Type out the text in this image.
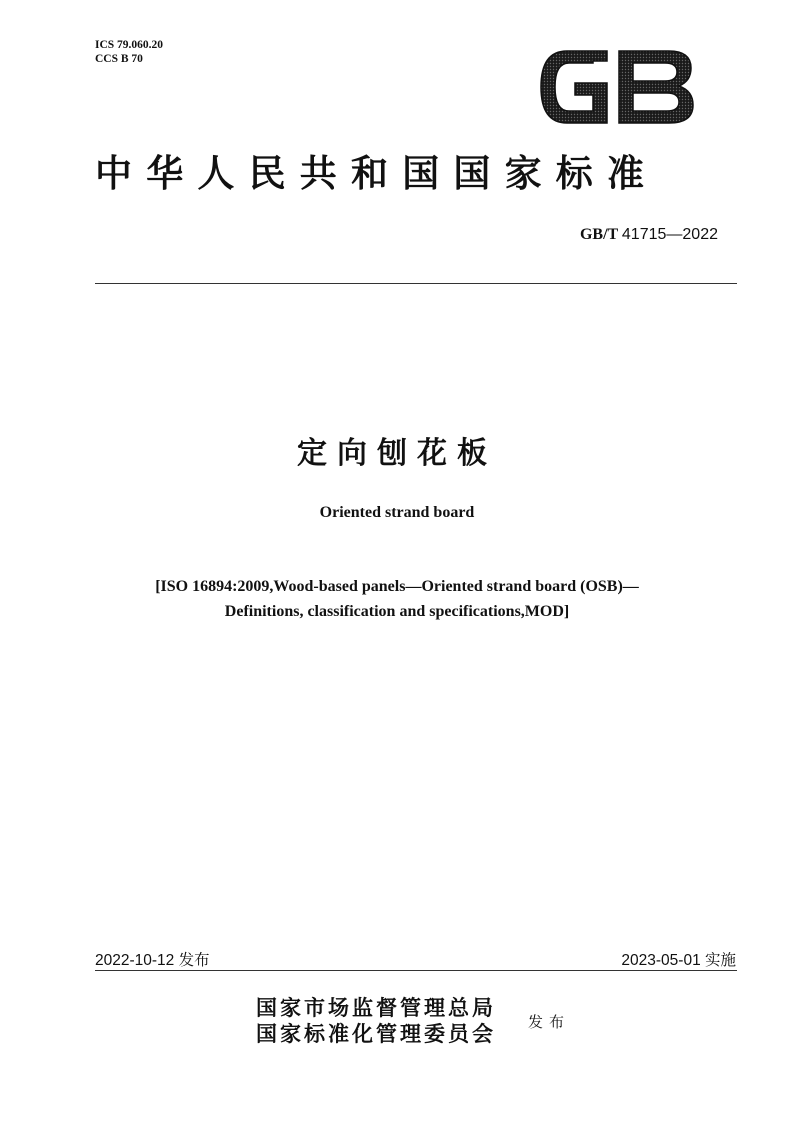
ICS 79.060.20
CCS B 70
GB
中华人民共和国国家标准
GB/T 41715—2022
定向刨花板
Oriented strand board
[ISO 16894:2009,Wood-based panels—Oriented strand board (OSB)—
Definitions, classification and specifications,MOD]
2022-10-12 发布	2023-05-01 实施
国家市场监督管理总局
国家标准化管理委员会 发布
